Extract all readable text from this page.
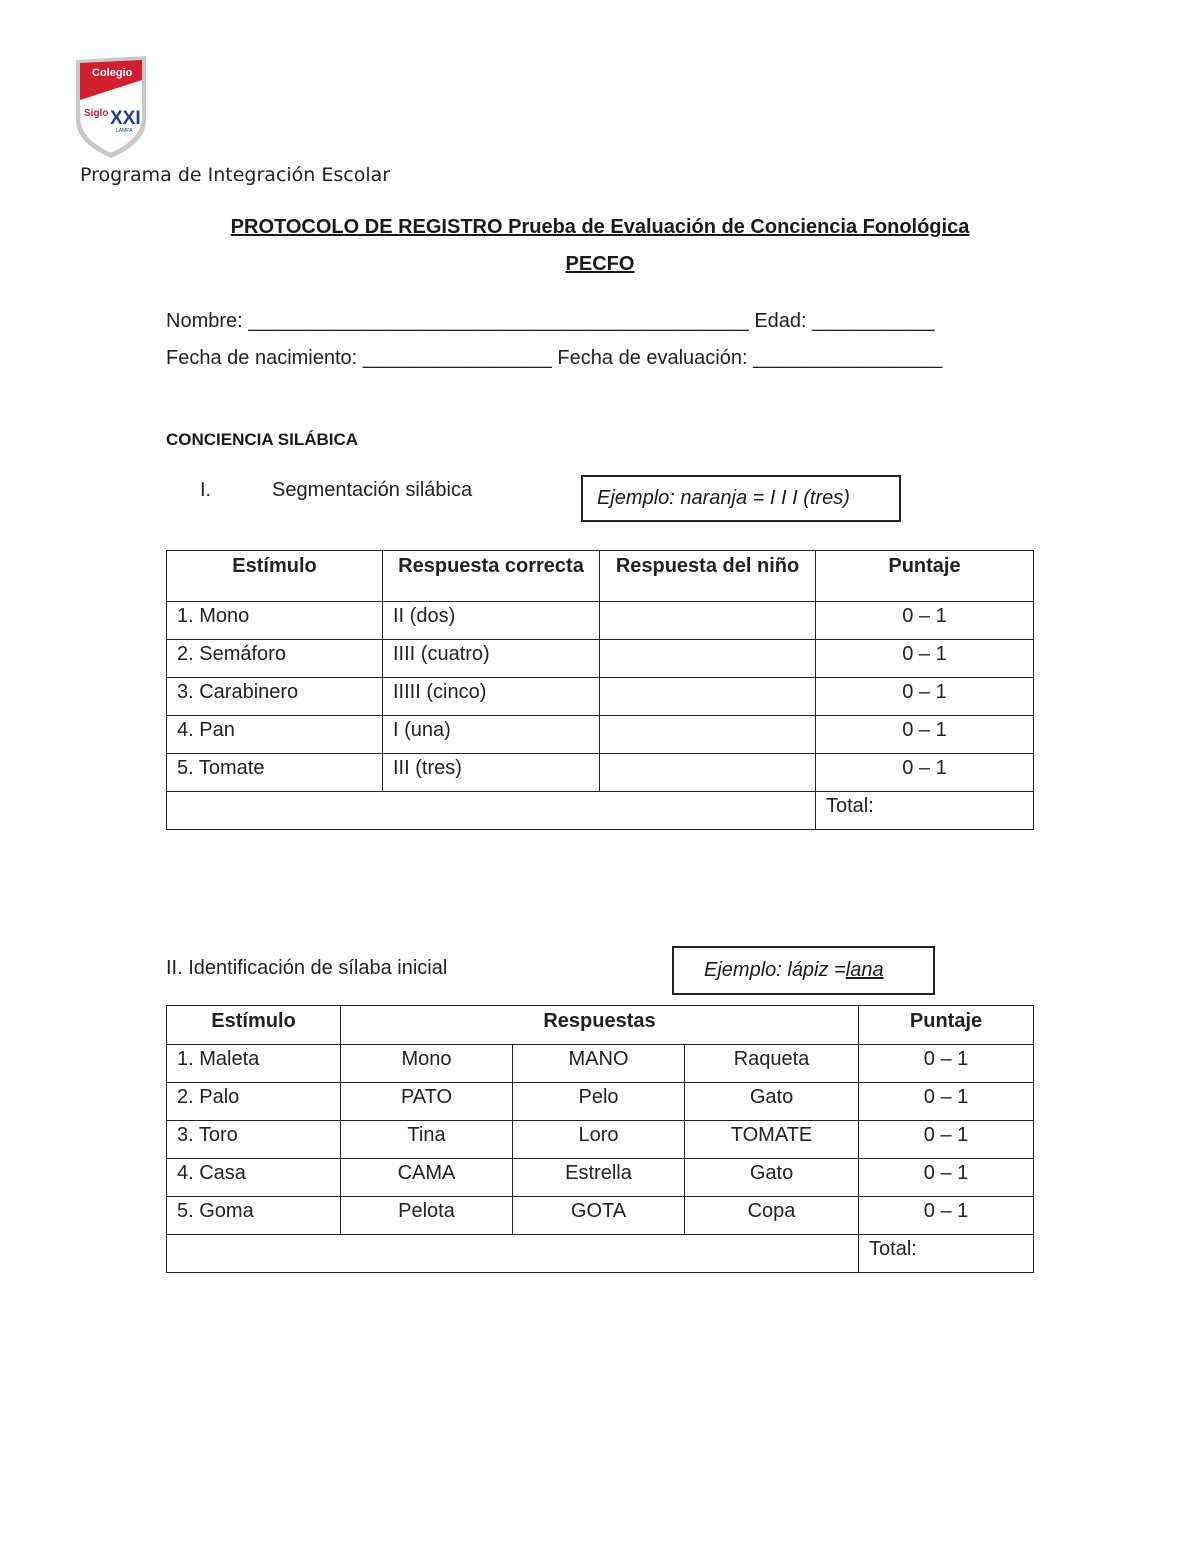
Colegio
Siglo XXI
LAMPA
Programa de Integración Escolar
PROTOCOLO DE REGISTRO Prueba de Evaluación de Conciencia Fonológica
PECFO
Nombre: _____________________________________________ Edad: ___________
Fecha de nacimiento: _________________ Fecha de evaluación: _________________
CONCIENCIA SILÁBICA
I.	Segmentación silábica	Ejemplo: naranja = I I I (tres)
Estímulo	Respuesta correcta	Respuesta del niño	Puntaje
1. Mono	II (dos)		0 – 1
2. Semáforo	IIII (cuatro)		0 – 1
3. Carabinero	IIIII (cinco)		0 – 1
4. Pan	I (una)		0 – 1
5. Tomate	III (tres)		0 – 1
			Total:
II. Identificación de sílaba inicial	Ejemplo: lápiz = lana
Estímulo	Respuestas			Puntaje
1. Maleta	Mono	MANO	Raqueta	0 – 1
2. Palo	PATO	Pelo	Gato	0 – 1
3. Toro	Tina	Loro	TOMATE	0 – 1
4. Casa	CAMA	Estrella	Gato	0 – 1
5. Goma	Pelota	GOTA	Copa	0 – 1
				Total:
